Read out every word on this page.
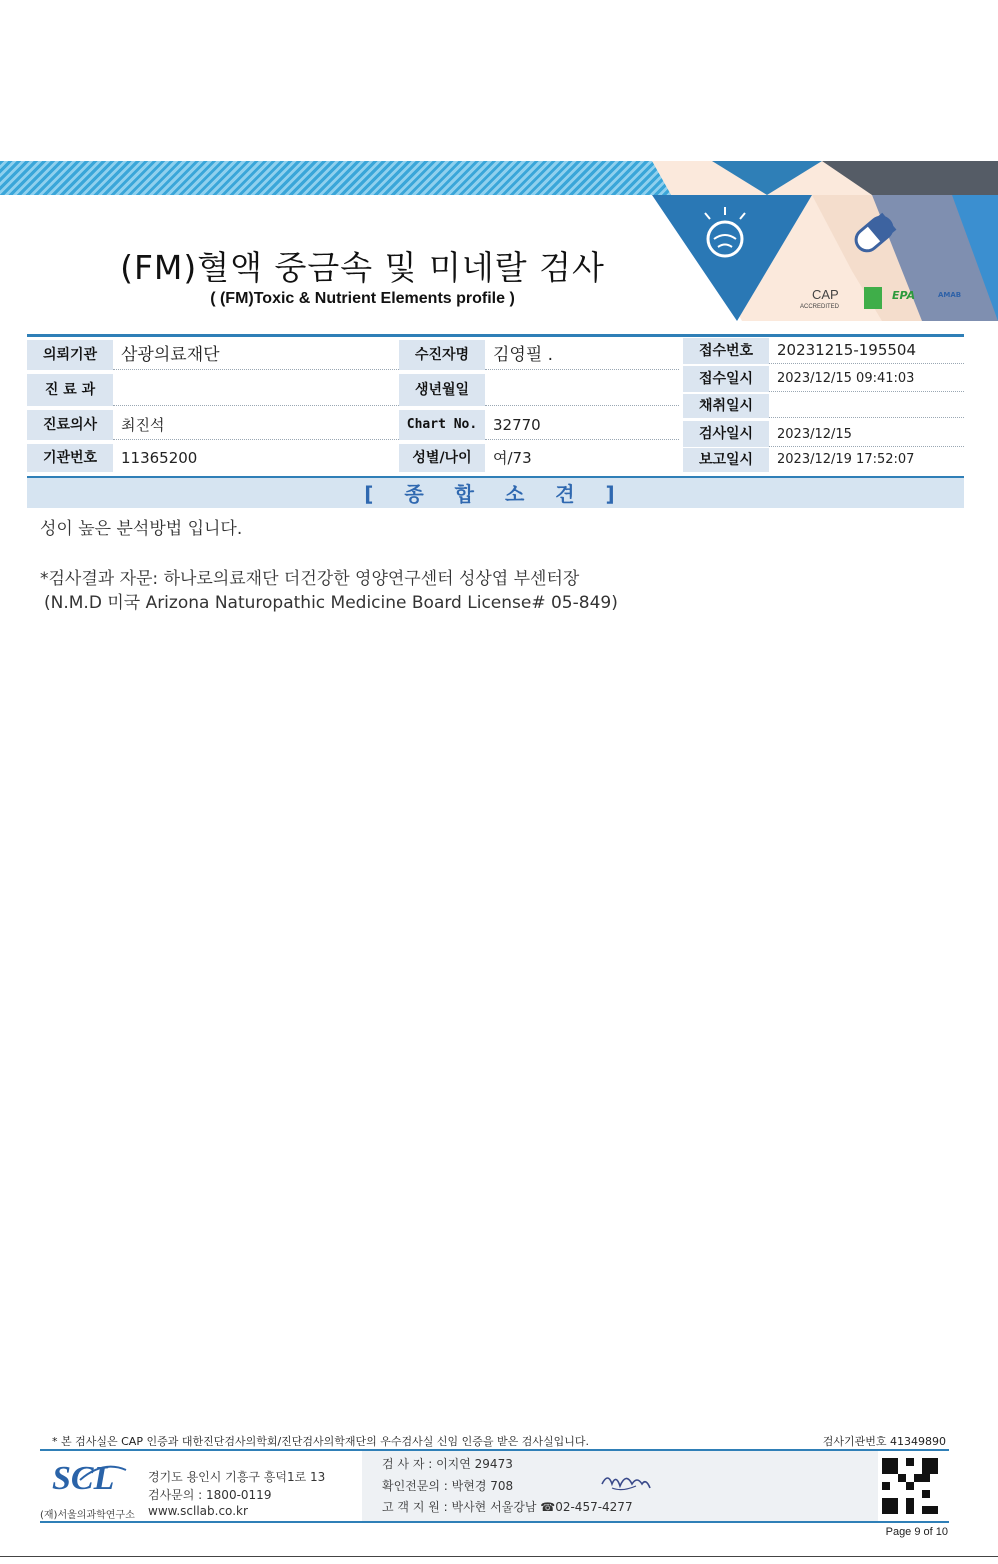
CAP
ACCREDITED
EPA	AMAB
(FM)혈액 중금속 및 미네랄 검사
( (FM)Toxic & Nutrient Elements profile )
의뢰기관	삼광의료재단
진 료 과
진료의사	최진석
기관번호	11365200
수진자명	김영필 .
생년월일
Chart No.	32770
성별/나이	여/73
접수번호	20231215-195504
접수일시	2023/12/15 09:41:03
채취일시
검사일시	2023/12/15
보고일시	2023/12/19 17:52:07
[ 종 합 소 견 ]
성이 높은 분석방법 입니다.
*검사결과 자문: 하나로의료재단 더건강한 영양연구센터 성상엽 부센터장
(N.M.D 미국 Arizona Naturopathic Medicine Board License# 05-849)
* 본 검사실은 CAP 인증과 대한진단검사의학회/진단검사의학재단의 우수검사실 신임 인증을 받은 검사실입니다.	검사기관번호 41349890
SCL
(재)서울의과학연구소
경기도 용인시 기흥구 흥덕1로 13
검사문의 : 1800-0119
www.scllab.co.kr
검 사 자 : 이지연 29473
확인전문의 : 박현경 708
고 객 지 원 : 박사현 서울강남 ☎02-457-4277
Page 9 of 10
